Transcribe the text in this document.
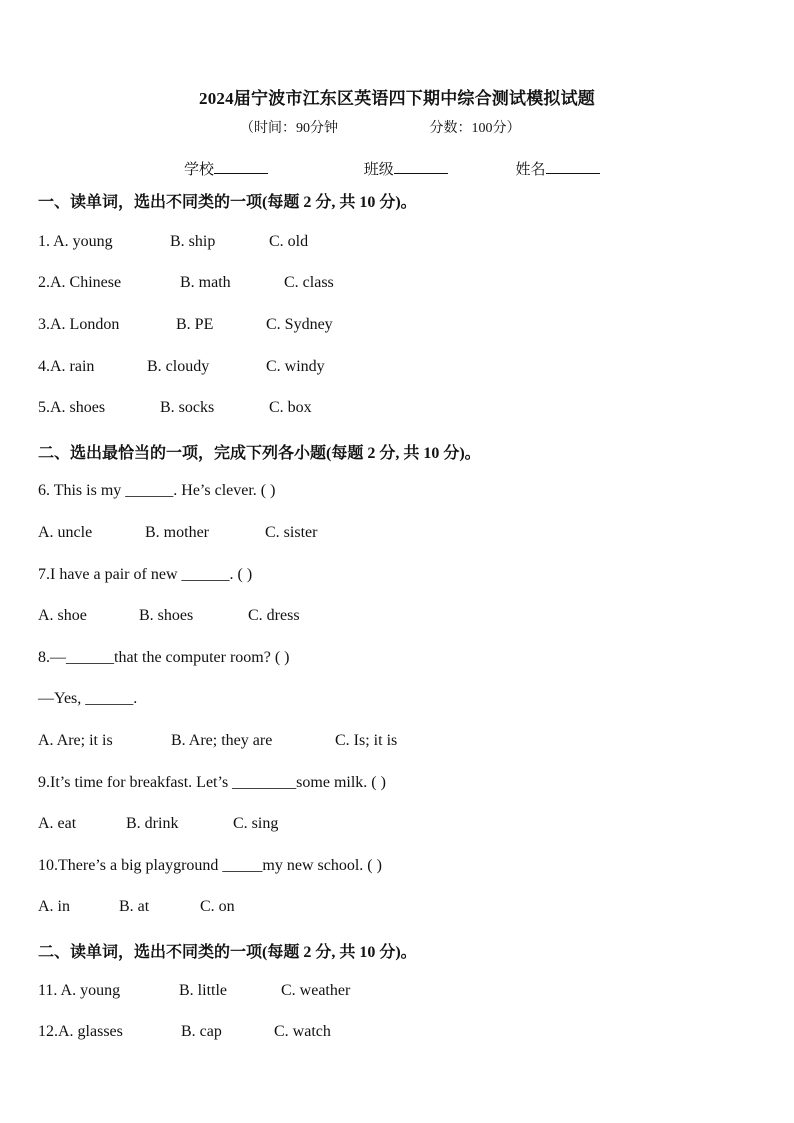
2024届宁波市江东区英语四下期中综合测试模拟试题
（时间：90分钟	分数：100分）
学校	班级	姓名
一、读单词，选出不同类的一项(每题 2 分, 共 10 分)。
1. A. young	B. ship	C. old
2.A. Chinese	B. math	C. class
3.A. London	B. PE	C. Sydney
4.A. rain	B. cloudy	C. windy
5.A. shoes	B. socks	C. box
二、选出最恰当的一项，完成下列各小题(每题 2 分, 共 10 分)。
6. This is my ______. He’s clever. ( )
A. uncle	B. mother	C. sister
7.I have a pair of new ______. ( )
A. shoe	B. shoes	C. dress
8.—______that the computer room? ( )
—Yes, ______.
A. Are; it is	B. Are; they are	C. Is; it is
9.It’s time for breakfast. Let’s ________some milk. ( )
A. eat	B. drink	C. sing
10.There’s a big playground _____my new school. ( )
A. in	B. at	C. on
二、读单词，选出不同类的一项(每题 2 分, 共 10 分)。
11. A. young	B. little	C. weather
12.A. glasses	B. cap	C. watch
